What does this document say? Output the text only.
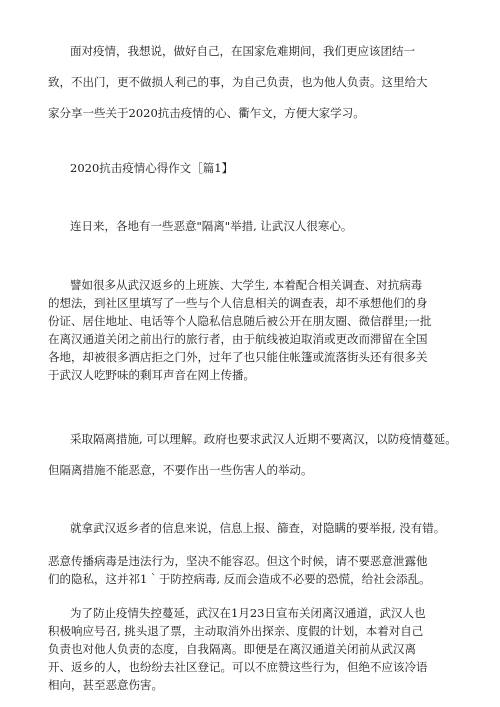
面对疫情，我想说，做好自己，在国家危难期间，我们更应该团结一致，不出门，更不做损人利己的事，为自己负责，也为他人负责。这里给大家分享一些关于2020抗击疫情的心、衢乍文，方便大家学习。

2020抗击疫情心得作文［篇1】

连日来，各地有一些恶意"隔离"举措, 让武汉人很寒心。

譬如很多从武汉返乡的上班族、大学生, 本着配合相关调查、对抗病毒的想法，到社区里填写了一些与个人信息相关的调查表，却不承想他们的身份证、居住地址、电话等个人隐私信息随后被公开在朋友圈、微信群里;一批在离汉通道关闭之前出行的旅行者，由于航线被迫取消或更改而滞留在全国各地，却被很多酒店拒之门外，过年了也只能住帐篷或流落街头还有很多关于武汉人吃野味的剩耳声音在网上传播。

采取隔离措施, 可以理解。政府也要求武汉人近期不要离汉，以防疫情蔓延。

但隔离措施不能恶意，不要作出一些伤害人的举动。

就拿武汉返乡者的信息来说，信息上报、篩查，对隐瞒的要举报, 没有错。

恶意传播病毒是违法行为，坚决不能容忍。但这个时候，请不要恶意泄露他们的隐私，这并祁1｀于防控病毒, 反而会造成不必要的恐慌，给社会添乱。

为了防止疫情失控蔓延，武汉在1月23日宣布关闭离汉通道，武汉人也积极响应号召, 挑头退了票，主动取消外出探亲、度假的计划，本着对自己负责也对他人负责的态度，自我隔离。即便是在离汉通道关闭前从武汉离开、返乡的人，也纷纷去社区登记。可以不庶赞这些行为，但绝不应该冷语相向，甚至恶意伤害。
